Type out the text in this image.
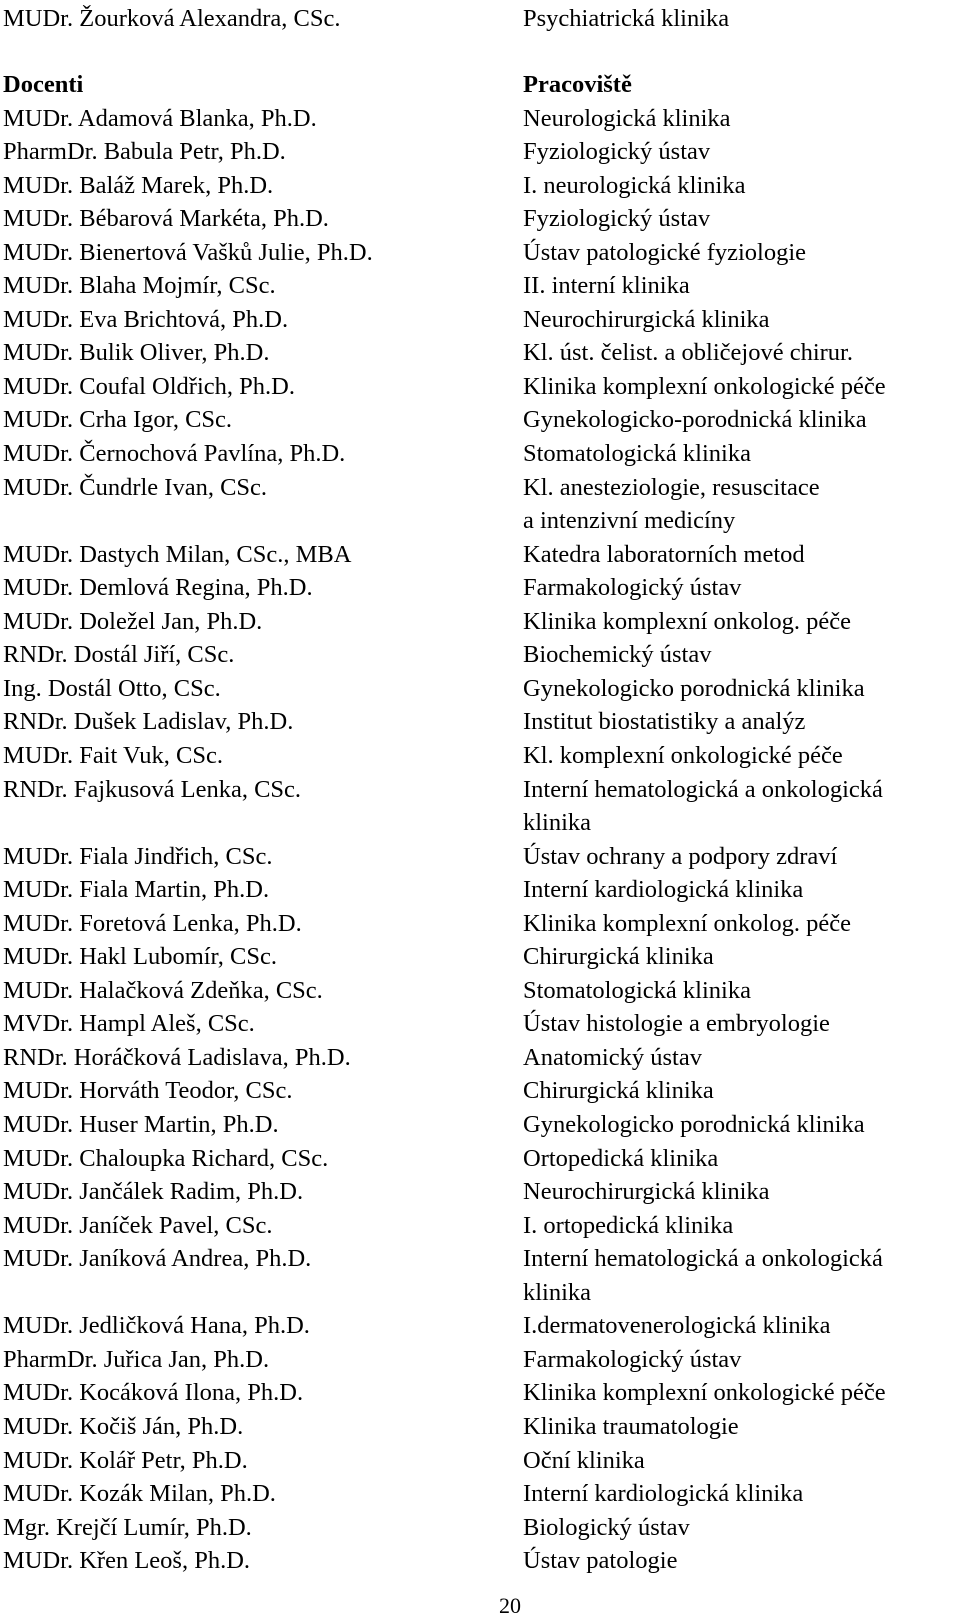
MUDr. Žourková Alexandra, CSc.	Psychiatrická klinika
Docenti	Pracoviště
MUDr. Adamová Blanka, Ph.D.	Neurologická klinika
PharmDr. Babula Petr, Ph.D.	Fyziologický ústav
MUDr. Baláž Marek, Ph.D.	I. neurologická klinika
MUDr. Bébarová Markéta, Ph.D.	Fyziologický ústav
MUDr. Bienertová Vašků Julie, Ph.D.	Ústav patologické fyziologie
MUDr. Blaha Mojmír, CSc.	II. interní klinika
MUDr. Eva Brichtová, Ph.D.	Neurochirurgická klinika
MUDr. Bulik Oliver, Ph.D.	Kl. úst. čelist. a obličejové chirur.
MUDr. Coufal Oldřich, Ph.D.	Klinika komplexní onkologické péče
MUDr. Crha Igor, CSc.	Gynekologicko-porodnická klinika
MUDr. Černochová Pavlína, Ph.D.	Stomatologická klinika
MUDr. Čundrle Ivan, CSc.	Kl. anesteziologie, resuscitace
a intenzivní medicíny
MUDr. Dastych Milan, CSc., MBA	Katedra laboratorních metod
MUDr. Demlová Regina, Ph.D.	Farmakologický ústav
MUDr. Doležel Jan, Ph.D.	Klinika komplexní onkolog. péče
RNDr. Dostál Jiří, CSc.	Biochemický ústav
Ing. Dostál Otto, CSc.	Gynekologicko porodnická klinika
RNDr. Dušek Ladislav, Ph.D.	Institut biostatistiky a analýz
MUDr. Fait Vuk, CSc.	Kl. komplexní onkologické péče
RNDr. Fajkusová Lenka, CSc.	Interní hematologická a onkologická
klinika
MUDr. Fiala Jindřich, CSc.	Ústav ochrany a podpory zdraví
MUDr. Fiala Martin, Ph.D.	Interní kardiologická klinika
MUDr. Foretová Lenka, Ph.D.	Klinika komplexní onkolog. péče
MUDr. Hakl Lubomír, CSc.	Chirurgická klinika
MUDr. Halačková Zdeňka, CSc.	Stomatologická klinika
MVDr. Hampl Aleš, CSc.	Ústav histologie a embryologie
RNDr. Horáčková Ladislava, Ph.D.	Anatomický ústav
MUDr. Horváth Teodor, CSc.	Chirurgická klinika
MUDr. Huser Martin, Ph.D.	Gynekologicko porodnická klinika
MUDr. Chaloupka Richard, CSc.	Ortopedická klinika
MUDr. Jančálek Radim, Ph.D.	Neurochirurgická klinika
MUDr. Janíček Pavel, CSc.	I. ortopedická klinika
MUDr. Janíková Andrea, Ph.D.	Interní hematologická a onkologická
klinika
MUDr. Jedličková Hana, Ph.D.	I.dermatovenerologická klinika
PharmDr. Juřica Jan, Ph.D.	Farmakologický ústav
MUDr. Kocáková Ilona, Ph.D.	Klinika komplexní onkologické péče
MUDr. Kočiš Ján, Ph.D.	Klinika traumatologie
MUDr. Kolář Petr, Ph.D.	Oční klinika
MUDr. Kozák Milan, Ph.D.	Interní kardiologická klinika
Mgr. Krejčí Lumír, Ph.D.	Biologický ústav
MUDr. Křen Leoš, Ph.D.	Ústav patologie
20
